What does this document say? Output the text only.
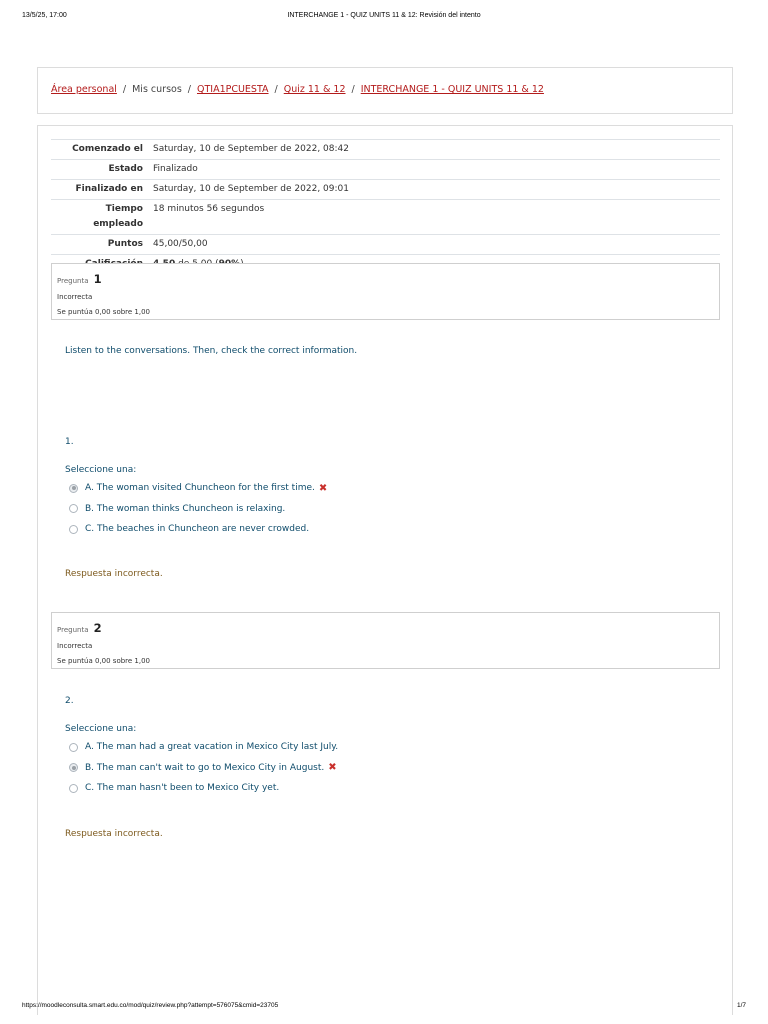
13/5/25, 17:00	INTERCHANGE 1 - QUIZ UNITS 11 & 12: Revisión del intento
Área personal / Mis cursos / QTIA1PCUESTA / Quiz 11 & 12 / INTERCHANGE 1 - QUIZ UNITS 11 & 12
Comenzado el	Saturday, 10 de September de 2022, 08:42
Estado	Finalizado
Finalizado en	Saturday, 10 de September de 2022, 09:01
Tiempo empleado	18 minutos 56 segundos
Puntos	45,00/50,00

Pregunta 1
Incorrecta
Se puntúa 0,00 sobre 1,00
Listen to the conversations. Then, check the correct information.
1.
Seleccione una:
A. The woman visited Chuncheon for the first time. ✖
B. The woman thinks Chuncheon is relaxing.
C. The beaches in Chuncheon are never crowded.
Respuesta incorrecta.
Pregunta 2
Incorrecta
Se puntúa 0,00 sobre 1,00
2.
Seleccione una:
A. The man had a great vacation in Mexico City last July.
B. The man can't wait to go to Mexico City in August. ✖
C. The man hasn't been to Mexico City yet.
Respuesta incorrecta.
https://moodleconsulta.smart.edu.co/mod/quiz/review.php?attempt=576075&cmid=23705	1/7
